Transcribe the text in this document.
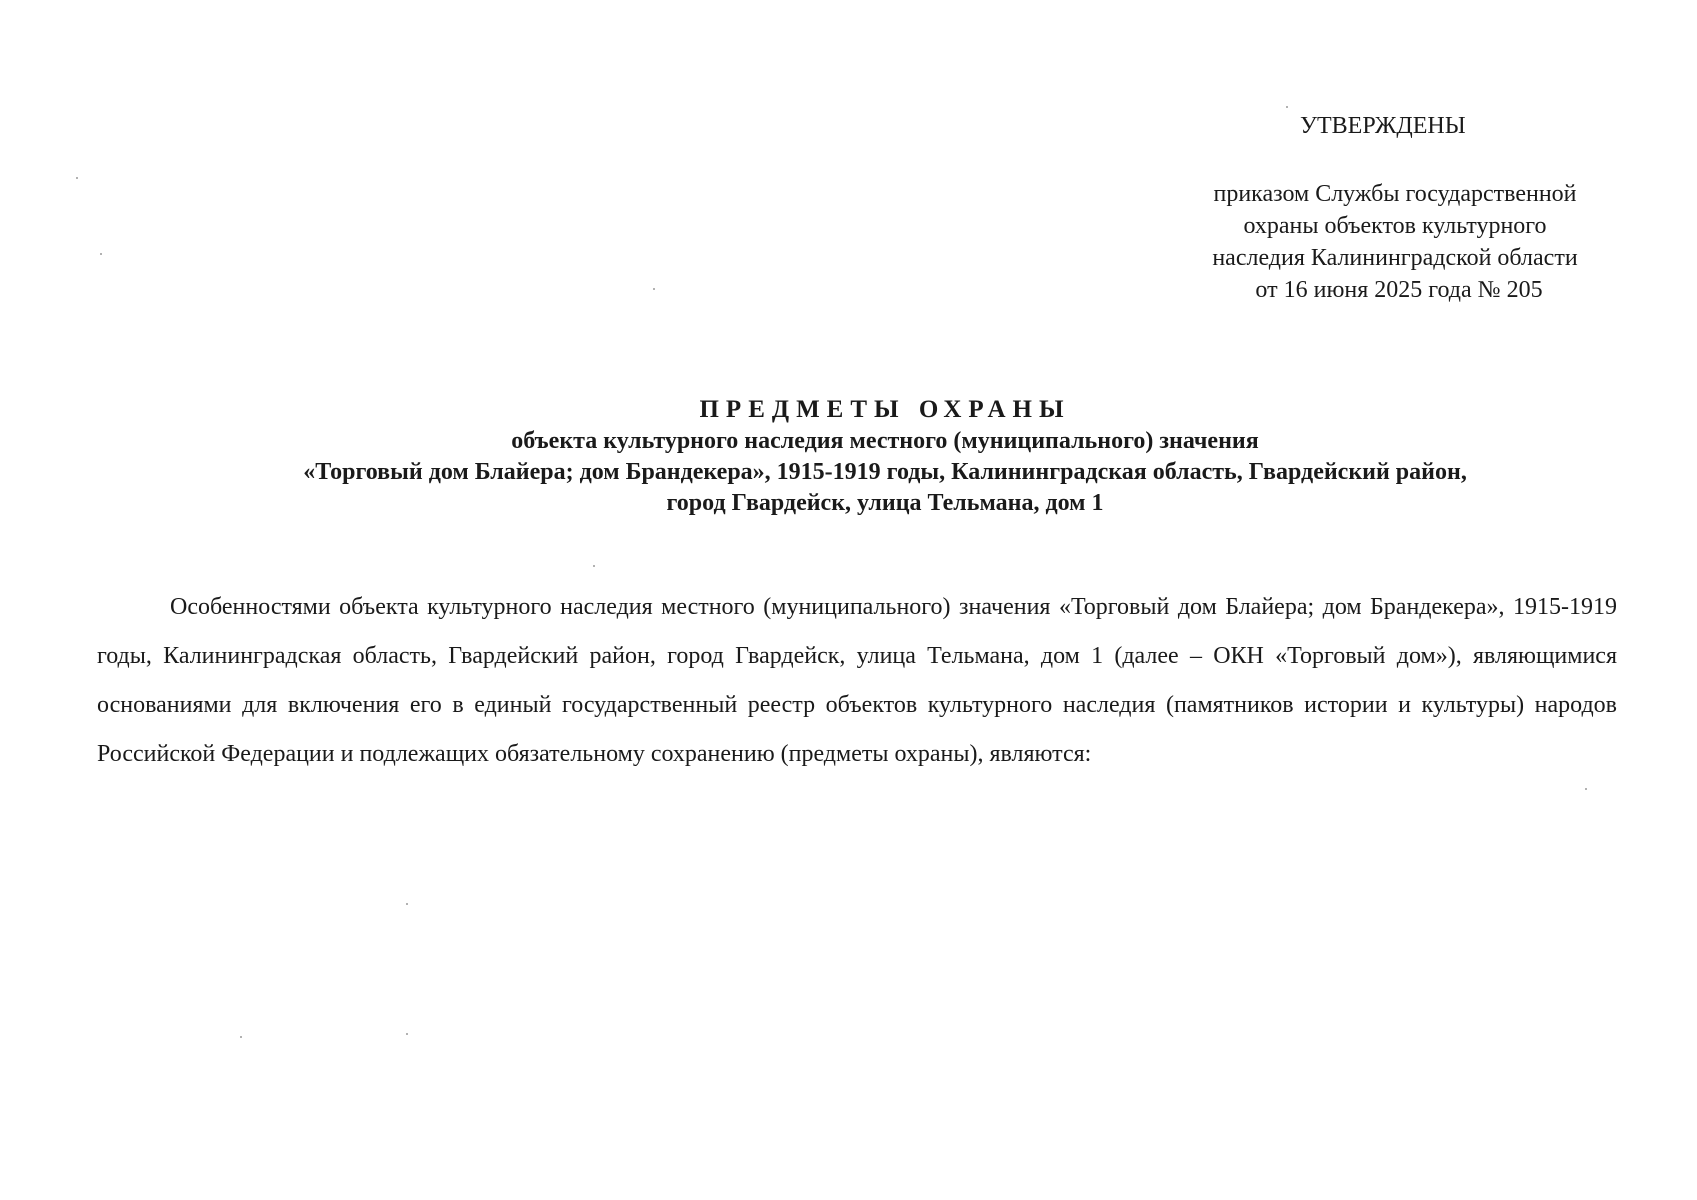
УТВЕРЖДЕНЫ
приказом Службы государственной
охраны объектов культурного
наследия Калининградской области
от 16 июня 2025 года № 205
ПРЕДМЕТЫ ОХРАНЫ
объекта культурного наследия местного (муниципального) значения
«Торговый дом Блайера; дом Брандекера», 1915-1919 годы, Калининградская область, Гвардейский район,
город Гвардейск, улица Тельмана, дом 1
Особенностями объекта культурного наследия местного (муниципального) значения «Торговый дом Блайера; дом Брандекера», 1915-1919 годы, Калининградская область, Гвардейский район, город Гвардейск, улица Тельмана, дом 1 (далее – ОКН «Торговый дом»), являющимися основаниями для включения его в единый государственный реестр объектов культурного наследия (памятников истории и культуры) народов Российской Федерации и подлежащих обязательному сохранению (предметы охраны), являются:
